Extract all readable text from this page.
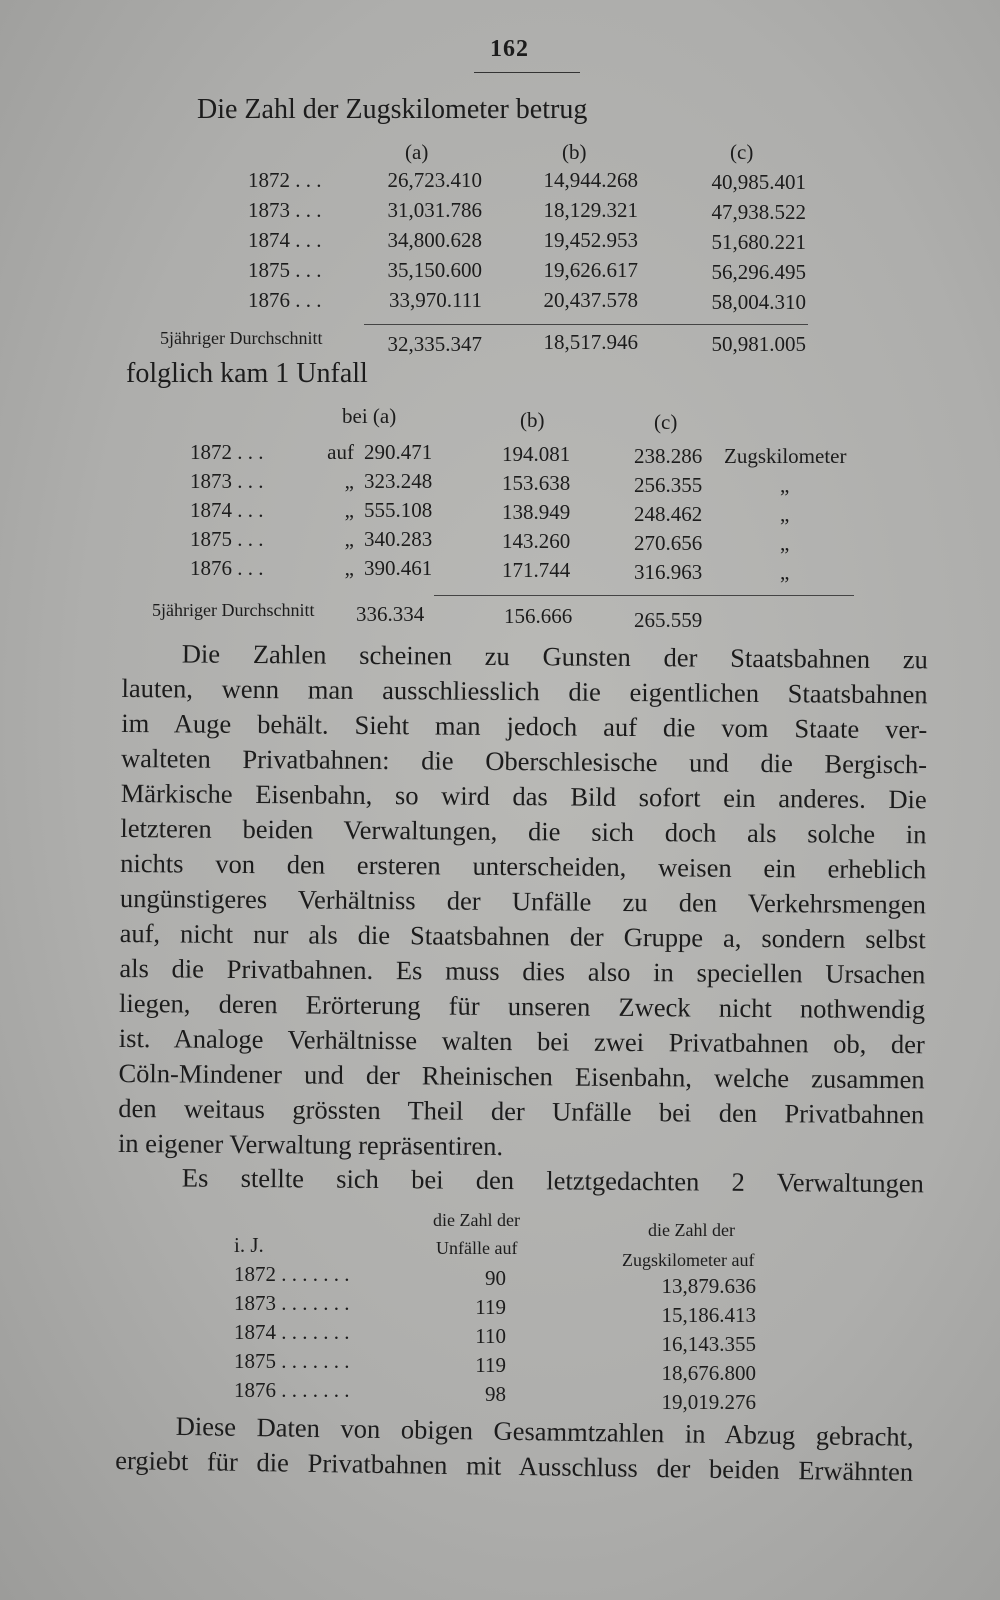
162
Die Zahl der Zugskilometer betrug
(a)	(b)	(c)
1872 . . .	26,723.410	14,944.268	40,985.401
1873 . . .	31,031.786	18,129.321	47,938.522
1874 . . .	34,800.628	19,452.953	51,680.221
1875 . . .	35,150.600	19,626.617	56,296.495
1876 . . .	33,970.111	20,437.578	58,004.310
5jähriger Durchschnitt	32,335.347	18,517.946	50,981.005
folglich kam 1 Unfall
bei (a)	(b)	(c)
1872 . . .	auf 290.471	194.081	238.286 Zugskilometer
1873 . . .	„ 323.248	153.638	256.355	„
1874 . . .	„ 555.108	138.949	248.462	„
1875 . . .	„ 340.283	143.260	270.656	„
1876 . . .	„ 390.461	171.744	316.963	„
5jähriger Durchschnitt 336.334	156.666	265.559
Die Zahlen scheinen zu Gunsten der Staatsbahnen zu
lauten, wenn man ausschliesslich die eigentlichen Staatsbahnen
im Auge behält. Sieht man jedoch auf die vom Staate ver-
walteten Privatbahnen: die Oberschlesische und die Bergisch-
Märkische Eisenbahn, so wird das Bild sofort ein anderes. Die
letzteren beiden Verwaltungen, die sich doch als solche in
nichts von den ersteren unterscheiden, weisen ein erheblich
ungünstigeres Verhältniss der Unfälle zu den Verkehrsmengen
auf, nicht nur als die Staatsbahnen der Gruppe a, sondern selbst
als die Privatbahnen. Es muss dies also in speciellen Ursachen
liegen, deren Erörterung für unseren Zweck nicht nothwendig
ist. Analoge Verhältnisse walten bei zwei Privatbahnen ob, der
Cöln-Mindener und der Rheinischen Eisenbahn, welche zusammen
den weitaus grössten Theil der Unfälle bei den Privatbahnen
in eigener Verwaltung repräsentiren.
Es stellte sich bei den letztgedachten 2 Verwaltungen
die Zahl der
Unfälle auf
die Zahl der
Zugskilometer auf
i. J.
1872 . . . . . . .	90	13,879.636
1873 . . . . . . .	119	15,186.413
1874 . . . . . . .	110	16,143.355
1875 . . . . . . .	119	18,676.800
1876 . . . . . . .	98	19,019.276
Diese Daten von obigen Gesammtzahlen in Abzug gebracht,
ergiebt für die Privatbahnen mit Ausschluss der beiden Erwähnten
